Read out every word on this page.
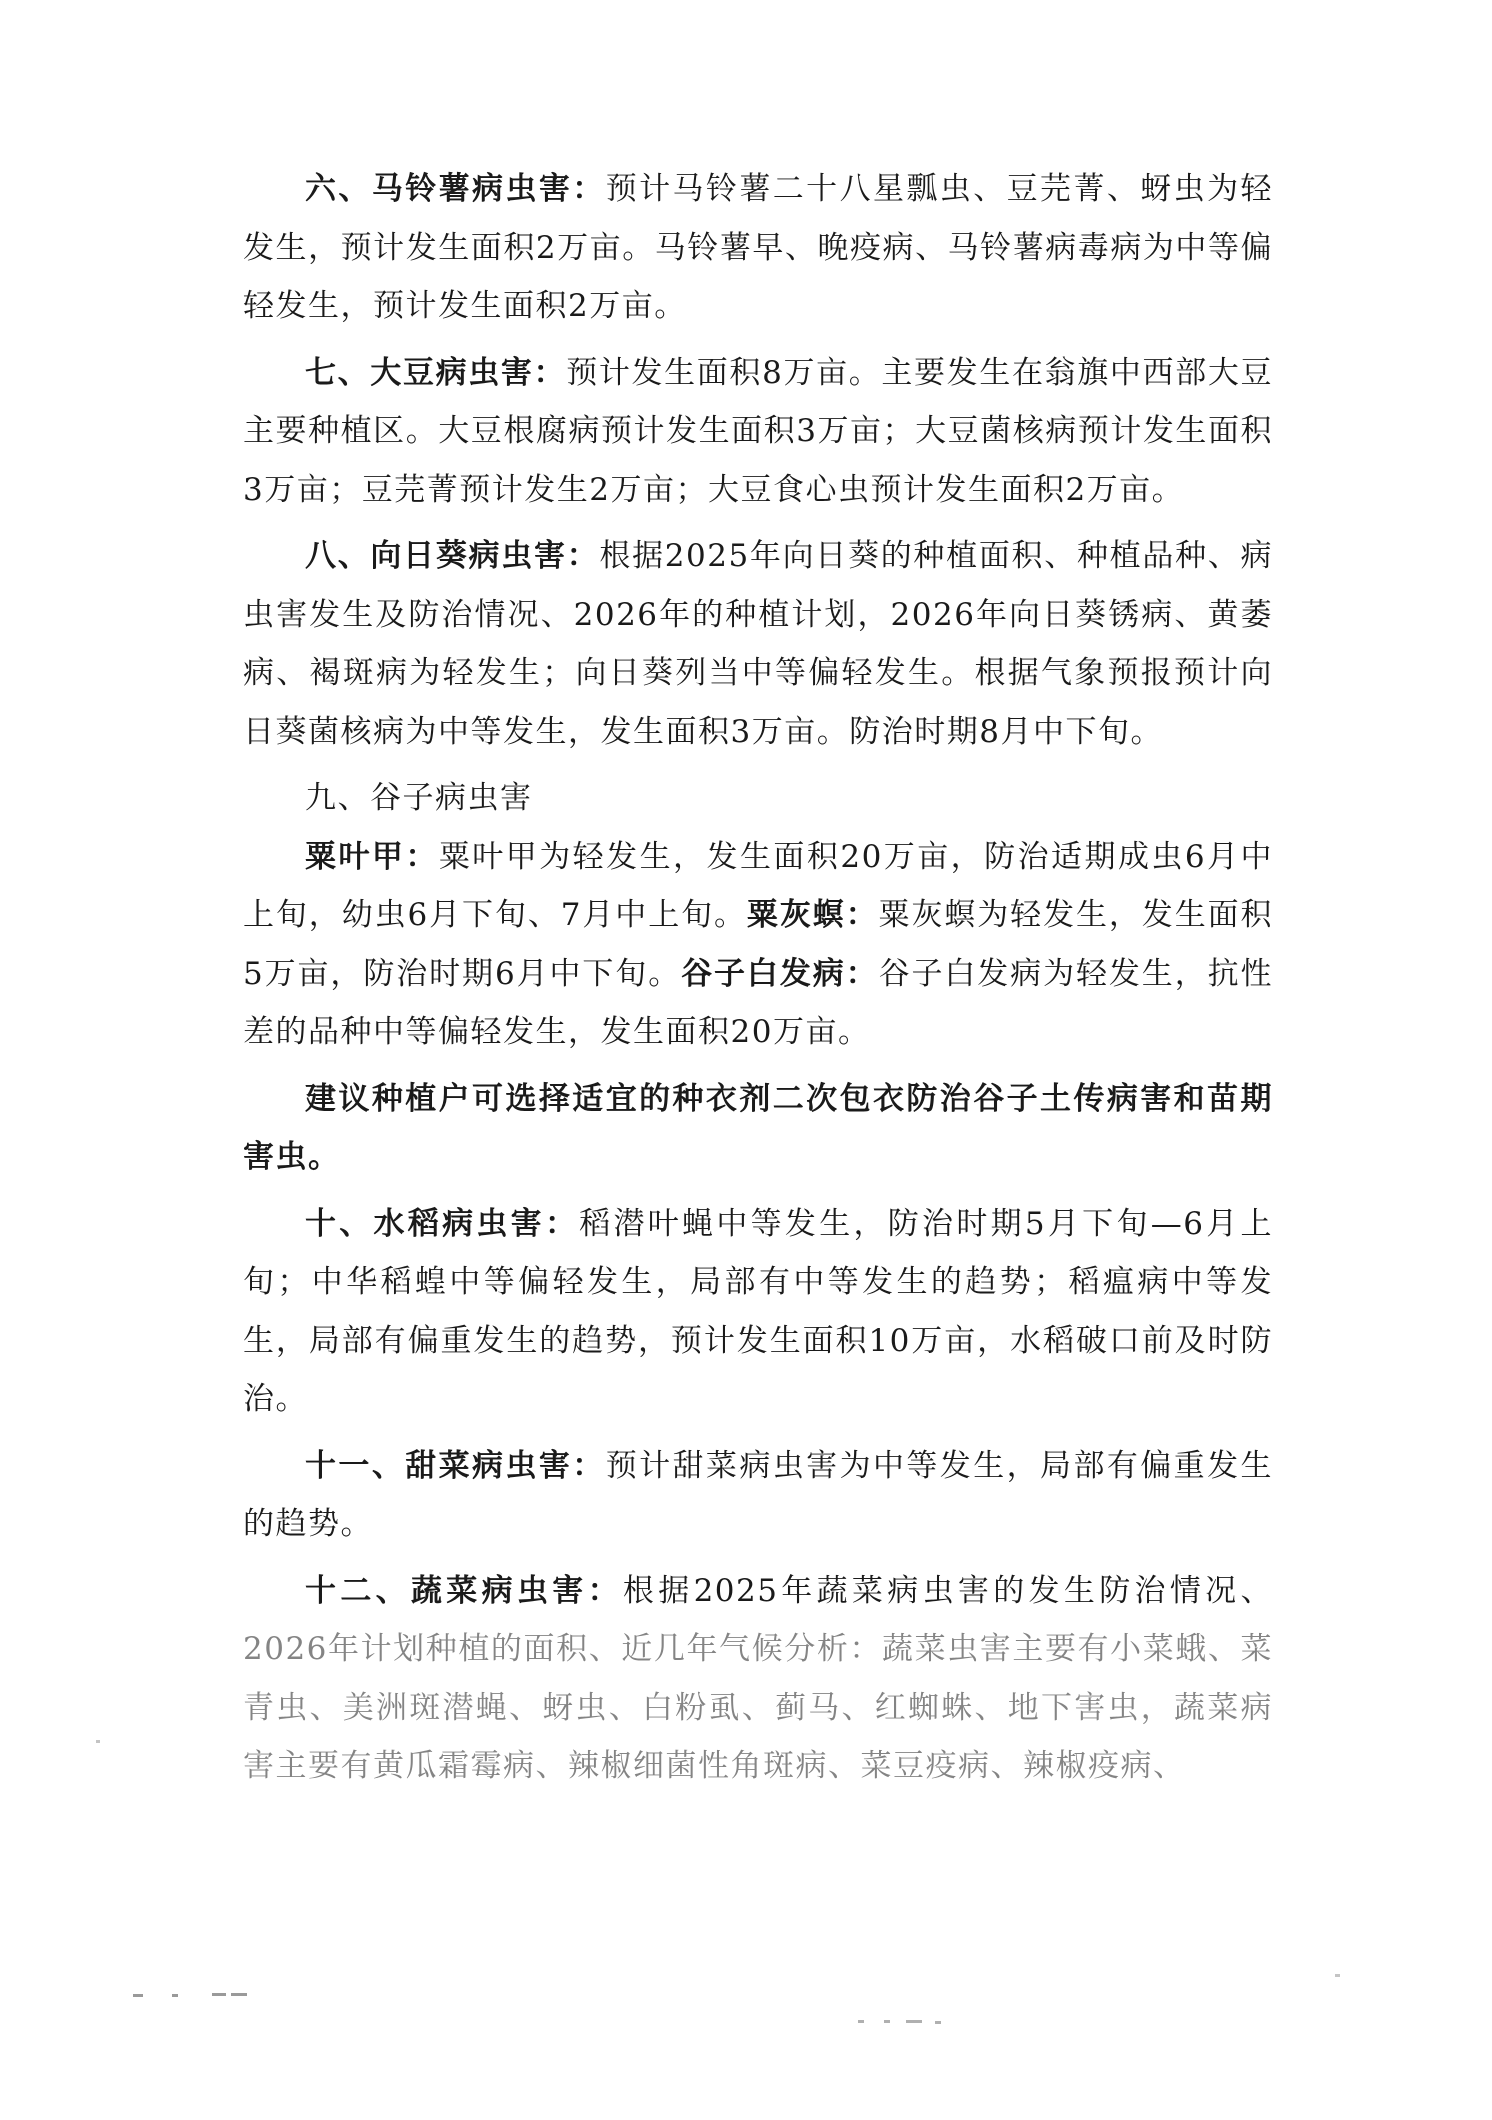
六、马铃薯病虫害：预计马铃薯二十八星瓢虫、豆芫菁、蚜虫为轻发生，预计发生面积2万亩。马铃薯早、晚疫病、马铃薯病毒病为中等偏轻发生，预计发生面积2万亩。

七、大豆病虫害：预计发生面积8万亩。主要发生在翁旗中西部大豆主要种植区。大豆根腐病预计发生面积3万亩；大豆菌核病预计发生面积3万亩；豆芫菁预计发生2万亩；大豆食心虫预计发生面积2万亩。

八、向日葵病虫害：根据2025年向日葵的种植面积、种植品种、病虫害发生及防治情况、2026年的种植计划，2026年向日葵锈病、黄萎病、褐斑病为轻发生；向日葵列当中等偏轻发生。根据气象预报预计向日葵菌核病为中等发生，发生面积3万亩。防治时期8月中下旬。

九、谷子病虫害

粟叶甲：粟叶甲为轻发生，发生面积20万亩，防治适期成虫6月中上旬，幼虫6月下旬、7月中上旬。粟灰螟：粟灰螟为轻发生，发生面积5万亩，防治时期6月中下旬。谷子白发病：谷子白发病为轻发生，抗性差的品种中等偏轻发生，发生面积20万亩。

建议种植户可选择适宜的种衣剂二次包衣防治谷子土传病害和苗期害虫。

十、水稻病虫害：稻潜叶蝇中等发生，防治时期5月下旬—6月上旬；中华稻蝗中等偏轻发生，局部有中等发生的趋势；稻瘟病中等发生，局部有偏重发生的趋势，预计发生面积10万亩，水稻破口前及时防治。

十一、甜菜病虫害：预计甜菜病虫害为中等发生，局部有偏重发生的趋势。

十二、蔬菜病虫害：根据2025年蔬菜病虫害的发生防治情况、2026年计划种植的面积、近几年气候分析：蔬菜虫害主要有小菜蛾、菜青虫、美洲斑潜蝇、蚜虫、白粉虱、蓟马、红蜘蛛、地下害虫，蔬菜病害主要有黄瓜霜霉病、辣椒细菌性角斑病、菜豆疫病、辣椒疫病、
